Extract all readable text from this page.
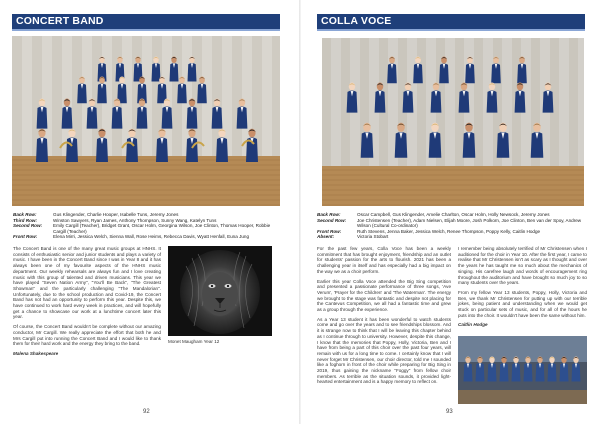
CONCERT BAND
Back Row:	Gus Klingender, Charlie Hooper, Isabelle Tuns, Jeremy Jones
Third Row:	Winston Sawyers, Ryan James, Anthony Thompson, Sunny Wang, Katelyn Tuns
Second Row:	Emily Cargill (Teacher), Bridget Grant, Oscar Holm, Georgina Wilson, Joe Clinton, Thomas Hooper, Robbie Cargill (Teacher)
Front Row:	Elena Mirri, Jessica Welch, Sienna Wall, Rose Heims, Rebecca Davis, Wyatt Henfall, Euna Jung

The Concert Band is one of the many great music groups at HNHS. It consists of enthusiastic senior and junior students and plays a variety of music. I have been in the Concert Band since I was in Year 8 and it has always been one of my favourite aspects of the HNHS music department. Our weekly rehearsals are always fun and I love creating music with this group of talented and driven musicians. This year we have played "Seven Nation Army", "You'll Be Back", "The Greatest Showman" and the particularly challenging "The Mandalorian". Unfortunately, due to the school production and Covid-19, the Concert Band has not had an opportunity to perform this year. Despite this, we have continued to work hard every week in practices, and will hopefully get a chance to showcase our work at a lunchtime concert later this year.

Of course, the Concert Band wouldn't be complete without our amazing conductor, Mr Cargill. We really appreciate the effort that both he and Mrs Cargill put into running the Concert Band and I would like to thank them for their hard work and the energy they bring to the band.

Malena Shakespeare

Monet Maugham Year 12
92
COLLA VOCE
Back Row:	Oscar Campbell, Gus Klingender, Amelie Charlton, Oscar Holm, Holly Newsock, Jeremy Jones
Second Row:	Joe Christensen (Teacher), Adam Nielsen, Elijah Moore, Josh Polkorn, Joe Clinton, Ben van der Spoy, Andrew Wilson (Cultural Co-ordinator)
Front Row:	Ruth Stevens, Jenna Baker, Jessica Welch, Renee Thompson, Poppy Kelly, Caitlin Hodge
Absent:	Victoria Stobart

For the past few years, Colla Voce has been a weekly commitment that has brought enjoyment, friendship and an outlet for students' passion for the arts to flourish. 2021 has been a challenging year in itself and has especially had a big impact on the way we as a choir perform.

Earlier this year Colla Voce attended the Big Sing competition and presented a passionate performance of three songs, 'Ave Verum', 'Prayer for the Children' and 'The Waterman'. The energy we brought to the stage was fantastic and despite not placing for the Cantevus Competition, we all had a fantastic time and grew as a group through the experience.

As a Year 13 student it has been wonderful to watch students come and go over the years and to see friendships blossom. And it is strange now to think that I will be leaving this chapter behind as I continue through to university. However, despite this change, I know that the memories that Poppy, Holly, Victoria, Ben and I have from being a part of this choir over the past four years, will remain with us for a long time to come. I certainly know that I will never forget Mr Christensen, our choir director, told me I sounded like a foghorn in front of the choir while preparing for Big Sing in 2019, thus gaining the nickname "Foggy" from fellow choir members. As terrible as the situation sounds, it provided light-hearted entertainment and is a happy memory to reflect on.

I remember being absolutely terrified of Mr Christensen when I auditioned for the choir in Year 10. After the first year, I came to realise that Mr Christensen isn't as scary as I thought and over the years he has taught me so much about the mechanics of singing. His carefree laugh and words of encouragement ring throughout the auditorium and have brought so much joy to so many students over the years.

From my fellow Year 13 students, Poppy, Holly, Victoria and Ben, we thank Mr Christensen for putting up with our terrible jokes, being patient and understanding when we would get stuck on particular sets of music, and for all of the hours he puts into the choir. It wouldn't have been the same without him.

Caitlin Hodge

93
